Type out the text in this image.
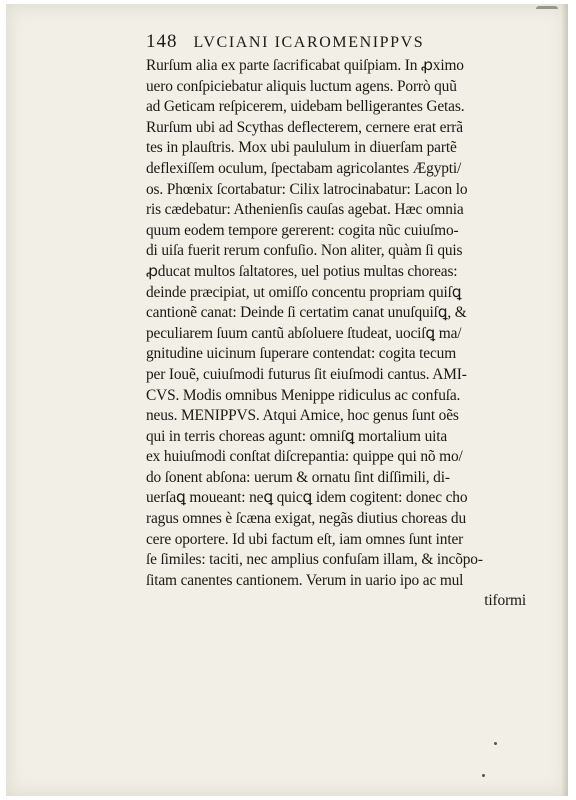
148 LVCIANI ICAROMENIPPVS
Rurſum alia ex parte ſacrificabat quiſpiam. In ꝓximo
uero conſpiciebatur aliquis luctum agens. Porrò quũ
ad Geticam reſpicerem, uidebam belligerantes Getas.
Rurſum ubi ad Scythas deflecterem, cernere erat errã
tes in plauſtris. Mox ubi paululum in diuerſam partẽ
deflexiſſem oculum, ſpectabam agricolantes Ægypti/
os. Phœnix ſcortabatur: Cilix latrocinabatur: Lacon lo
ris cædebatur: Athenienſis cauſas agebat. Hæc omnia
quum eodem tempore gererent: cogita nũc cuiuſmo-
di uiſa fuerit rerum confuſio. Non aliter, quàm ſi quis
ꝓducat multos ſaltatores, uel potius multas choreas:
deinde præcipiat, ut omiſſo concentu propriam quiſꝗ
cantionẽ canat: Deinde ſi certatim canat unuſquiſꝗ, &
peculiarem ſuum cantũ abſoluere ſtudeat, uociſꝗ ma/
gnitudine uicinum ſuperare contendat: cogita tecum
per Iouẽ, cuiuſmodi futurus ſit eiuſmodi cantus. AMI-
CVS. Modis omnibus Menippe ridiculus ac confuſa.
neus. MENIPPVS. Atqui Amice, hoc genus ſunt oẽs
qui in terris choreas agunt: omniſꝗ mortalium uita
ex huiuſmodi conſtat diſcrepantia: quippe qui nõ mo/
do ſonent abſona: uerum & ornatu ſint diſſimili, di-
uerſaꝗ moueant: neꝗ quicꝗ idem cogitent: donec cho
ragus omnes è ſcæna exigat, negãs diutius choreas du
cere oportere. Id ubi factum eſt, iam omnes ſunt inter
ſe ſimiles: taciti, nec amplius confuſam illam, & incõpo-
ſitam canentes cantionem. Verum in uario ipo ac mul
tiformi
